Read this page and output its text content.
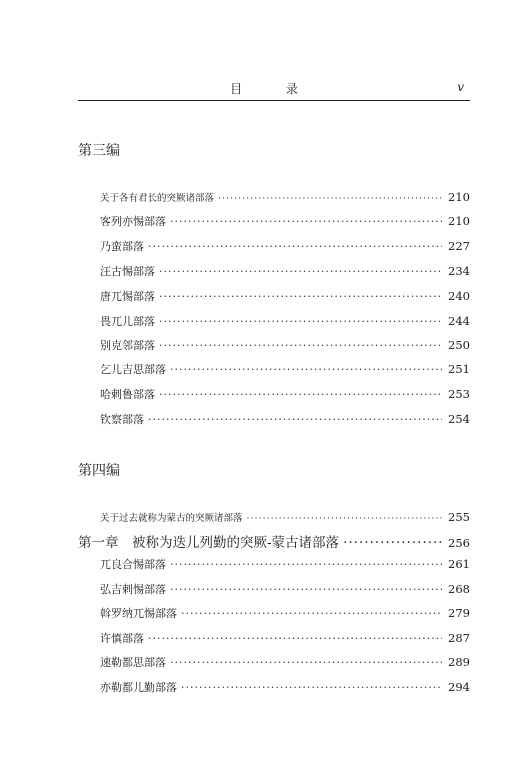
目 录	v
第三编
关于各有君长的突厥诸部落 ·····	210
客列亦惕部落 ·····	210
乃蛮部落 ·····	227
汪古惕部落 ·····	234
唐兀惕部落 ·····	240
畏兀儿部落 ·····	244
别克邻部落 ·····	250
乞儿吉思部落 ·····	251
哈剌鲁部落 ·····	253
钦察部落 ·····	254
第四编
关于过去就称为蒙古的突厥诸部落 ·····	255
第一章　被称为迭儿列勤的突厥-蒙古诸部落 ·····	256
兀良合惕部落 ·····	261
弘吉剌惕部落 ·····	268
斡罗纳兀惕部落 ·····	279
许慎部落 ·····	287
速勒都思部落 ·····	289
亦勒都儿勤部落 ·····	294
